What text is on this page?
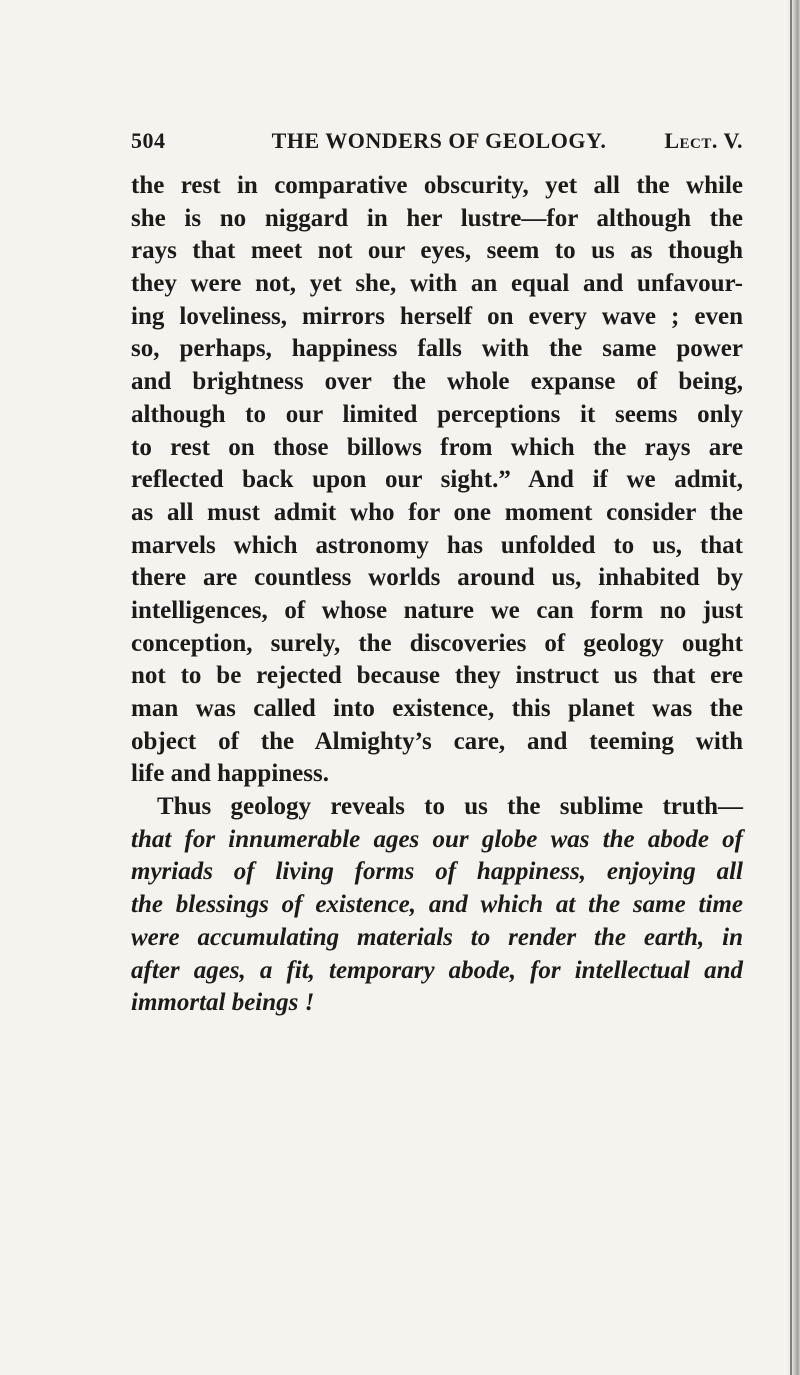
504	THE WONDERS OF GEOLOGY.	Lect. V.
the rest in comparative obscurity, yet all the while
she is no niggard in her lustre—for although the
rays that meet not our eyes, seem to us as though
they were not, yet she, with an equal and unfavour-
ing loveliness, mirrors herself on every wave ; even
so, perhaps, happiness falls with the same power
and brightness over the whole expanse of being,
although to our limited perceptions it seems only
to rest on those billows from which the rays are
reflected back upon our sight.” And if we admit,
as all must admit who for one moment consider the
marvels which astronomy has unfolded to us, that
there are countless worlds around us, inhabited by
intelligences, of whose nature we can form no just
conception, surely, the discoveries of geology ought
not to be rejected because they instruct us that ere
man was called into existence, this planet was the
object of the Almighty’s care, and teeming with
life and happiness.
Thus geology reveals to us the sublime truth—
that for innumerable ages our globe was the abode of
myriads of living forms of happiness, enjoying all
the blessings of existence, and which at the same time
were accumulating materials to render the earth, in
after ages, a fit, temporary abode, for intellectual and
immortal beings !
